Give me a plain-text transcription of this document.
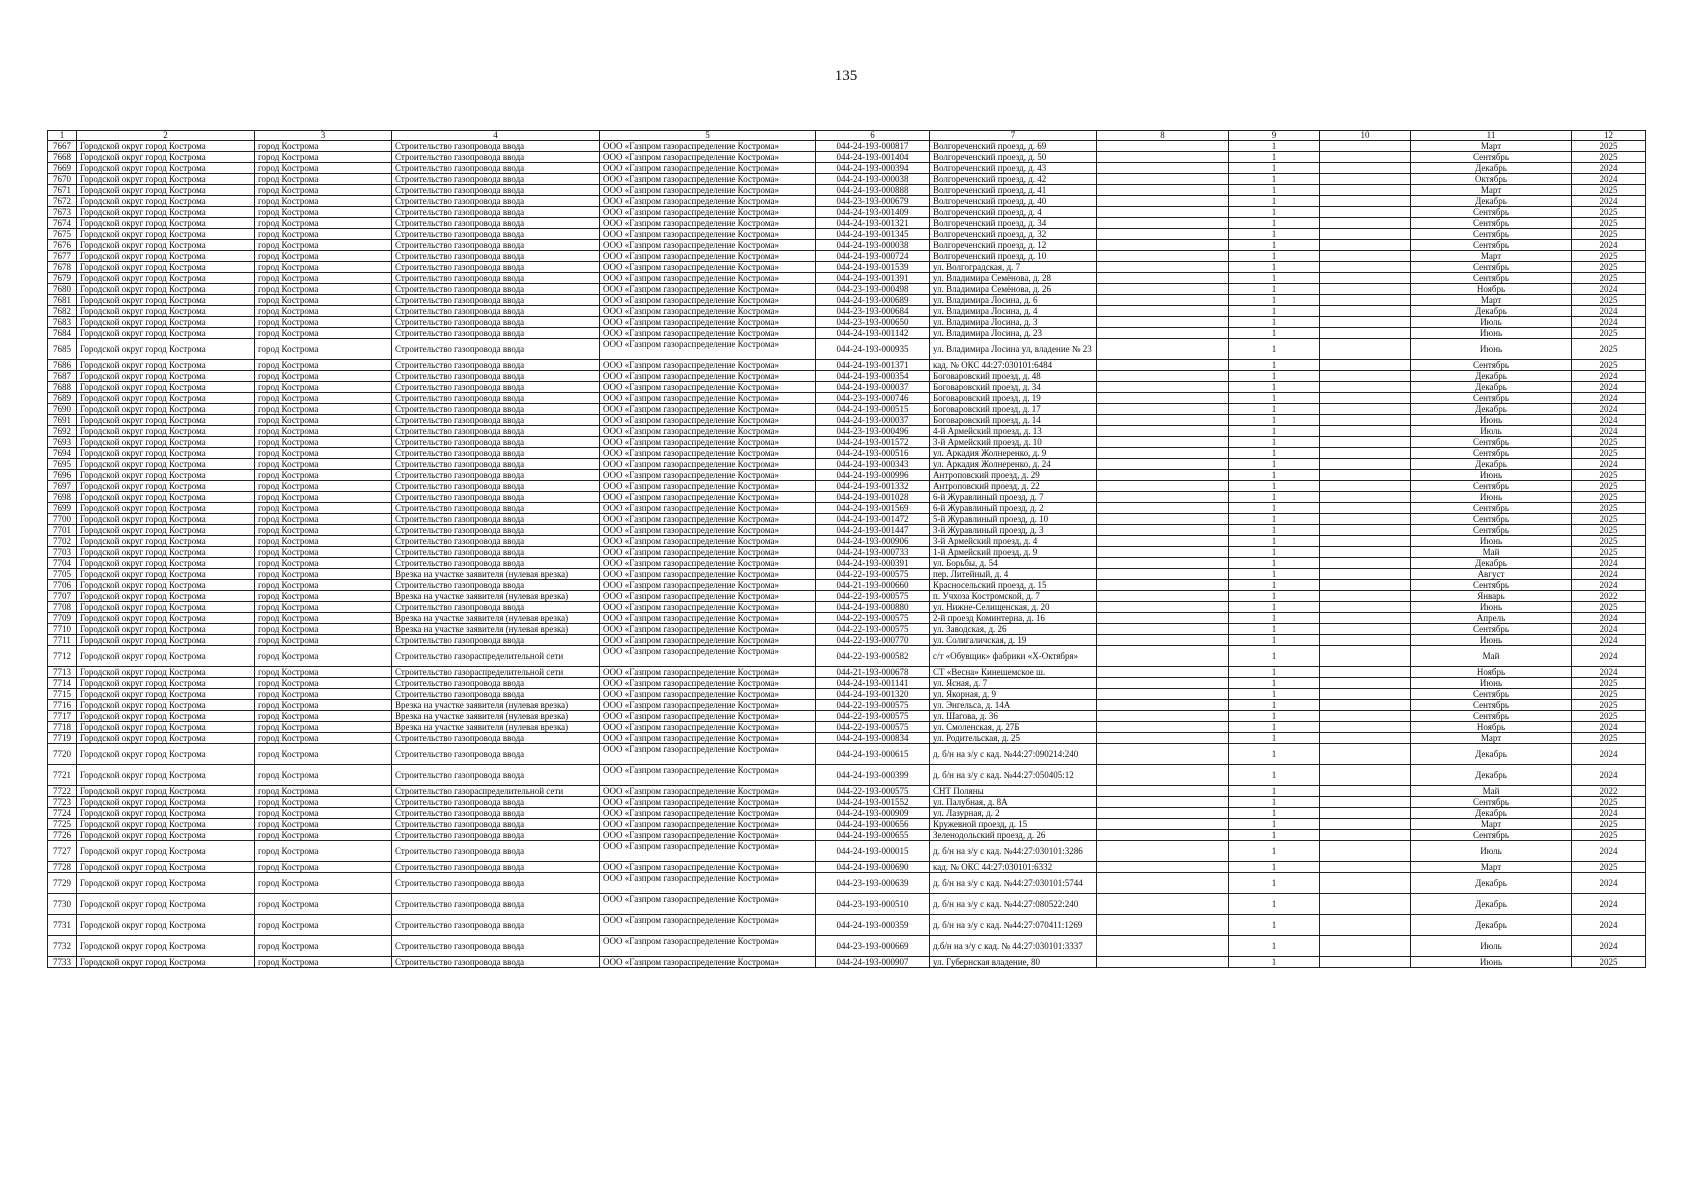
135
1	2	3	4	5	6	7	8	9	10	11	12
7667	Городской округ город Кострома	город Кострома	Строительство газопровода ввода	ООО «Газпром газораспределение Кострома»	044-24-193-000817	Волгореченский проезд, д. 69		1		Март	2025
7668	Городской округ город Кострома	город Кострома	Строительство газопровода ввода	ООО «Газпром газораспределение Кострома»	044-24-193-001404	Волгореченский проезд, д. 50		1		Сентябрь	2025
7669	Городской округ город Кострома	город Кострома	Строительство газопровода ввода	ООО «Газпром газораспределение Кострома»	044-24-193-000394	Волгореченский проезд, д. 43		1		Декабрь	2024
7670	Городской округ город Кострома	город Кострома	Строительство газопровода ввода	ООО «Газпром газораспределение Кострома»	044-24-193-000038	Волгореченский проезд, д. 42		1		Октябрь	2024
7671	Городской округ город Кострома	город Кострома	Строительство газопровода ввода	ООО «Газпром газораспределение Кострома»	044-24-193-000888	Волгореченский проезд, д. 41		1		Март	2025
7672	Городской округ город Кострома	город Кострома	Строительство газопровода ввода	ООО «Газпром газораспределение Кострома»	044-23-193-000679	Волгореченский проезд, д. 40		1		Декабрь	2024
7673	Городской округ город Кострома	город Кострома	Строительство газопровода ввода	ООО «Газпром газораспределение Кострома»	044-24-193-001409	Волгореченский проезд, д. 4		1		Сентябрь	2025
7674	Городской округ город Кострома	город Кострома	Строительство газопровода ввода	ООО «Газпром газораспределение Кострома»	044-24-193-001321	Волгореченский проезд, д. 34		1		Сентябрь	2025
7675	Городской округ город Кострома	город Кострома	Строительство газопровода ввода	ООО «Газпром газораспределение Кострома»	044-24-193-001345	Волгореченский проезд, д. 32		1		Сентябрь	2025
7676	Городской округ город Кострома	город Кострома	Строительство газопровода ввода	ООО «Газпром газораспределение Кострома»	044-24-193-000038	Волгореченский проезд, д. 12		1		Сентябрь	2024
7677	Городской округ город Кострома	город Кострома	Строительство газопровода ввода	ООО «Газпром газораспределение Кострома»	044-24-193-000724	Волгореченский проезд, д. 10		1		Март	2025
7678	Городской округ город Кострома	город Кострома	Строительство газопровода ввода	ООО «Газпром газораспределение Кострома»	044-24-193-001539	ул. Волгоградская, д. 7		1		Сентябрь	2025
7679	Городской округ город Кострома	город Кострома	Строительство газопровода ввода	ООО «Газпром газораспределение Кострома»	044-24-193-001391	ул. Владимира Семёнова, д. 28		1		Сентябрь	2025
7680	Городской округ город Кострома	город Кострома	Строительство газопровода ввода	ООО «Газпром газораспределение Кострома»	044-23-193-000498	ул. Владимира Семёнова, д. 26		1		Ноябрь	2024
7681	Городской округ город Кострома	город Кострома	Строительство газопровода ввода	ООО «Газпром газораспределение Кострома»	044-24-193-000689	ул. Владимира Лосина, д. 6		1		Март	2025
7682	Городской округ город Кострома	город Кострома	Строительство газопровода ввода	ООО «Газпром газораспределение Кострома»	044-23-193-000684	ул. Владимира Лосина, д. 4		1		Декабрь	2024
7683	Городской округ город Кострома	город Кострома	Строительство газопровода ввода	ООО «Газпром газораспределение Кострома»	044-23-193-000650	ул. Владимира Лосина, д. 3		1		Июль	2024
7684	Городской округ город Кострома	город Кострома	Строительство газопровода ввода	ООО «Газпром газораспределение Кострома»	044-24-193-001142	ул. Владимира Лосина, д. 23		1		Июнь	2025
7685	Городской округ город Кострома	город Кострома	Строительство газопровода ввода	ООО «Газпром газораспределение Кострома»	044-24-193-000935	ул. Владимира Лосина ул, владение № 23		1		Июнь	2025
7686	Городской округ город Кострома	город Кострома	Строительство газопровода ввода	ООО «Газпром газораспределение Кострома»	044-24-193-001371	кад. № ОКС 44:27:030101:6484		1		Сентябрь	2025
7687	Городской округ город Кострома	город Кострома	Строительство газопровода ввода	ООО «Газпром газораспределение Кострома»	044-24-193-000354	Боговаровский проезд, д. 48		1		Декабрь	2024
7688	Городской округ город Кострома	город Кострома	Строительство газопровода ввода	ООО «Газпром газораспределение Кострома»	044-24-193-000037	Боговаровский проезд, д. 34		1		Декабрь	2024
7689	Городской округ город Кострома	город Кострома	Строительство газопровода ввода	ООО «Газпром газораспределение Кострома»	044-23-193-000746	Боговаровский проезд, д. 19		1		Сентябрь	2024
7690	Городской округ город Кострома	город Кострома	Строительство газопровода ввода	ООО «Газпром газораспределение Кострома»	044-24-193-000515	Боговаровский проезд, д. 17		1		Декабрь	2024
7691	Городской округ город Кострома	город Кострома	Строительство газопровода ввода	ООО «Газпром газораспределение Кострома»	044-24-193-000037	Боговаровский проезд, д. 14		1		Июнь	2024
7692	Городской округ город Кострома	город Кострома	Строительство газопровода ввода	ООО «Газпром газораспределение Кострома»	044-23-193-000496	4-й Армейский проезд, д. 13		1		Июль	2024
7693	Городской округ город Кострома	город Кострома	Строительство газопровода ввода	ООО «Газпром газораспределение Кострома»	044-24-193-001572	3-й Армейский проезд, д. 10		1		Сентябрь	2025
7694	Городской округ город Кострома	город Кострома	Строительство газопровода ввода	ООО «Газпром газораспределение Кострома»	044-24-193-000516	ул. Аркадия Жолнеренко, д. 9		1		Сентябрь	2025
7695	Городской округ город Кострома	город Кострома	Строительство газопровода ввода	ООО «Газпром газораспределение Кострома»	044-24-193-000343	ул. Аркадия Жолнеренко, д. 24		1		Декабрь	2024
7696	Городской округ город Кострома	город Кострома	Строительство газопровода ввода	ООО «Газпром газораспределение Кострома»	044-24-193-000996	Антроповский проезд, д. 29		1		Июнь	2025
7697	Городской округ город Кострома	город Кострома	Строительство газопровода ввода	ООО «Газпром газораспределение Кострома»	044-24-193-001332	Антроповский проезд, д. 22		1		Сентябрь	2025
7698	Городской округ город Кострома	город Кострома	Строительство газопровода ввода	ООО «Газпром газораспределение Кострома»	044-24-193-001028	6-й Журавлиный проезд, д. 7		1		Июнь	2025
7699	Городской округ город Кострома	город Кострома	Строительство газопровода ввода	ООО «Газпром газораспределение Кострома»	044-24-193-001569	6-й Журавлиный проезд, д. 2		1		Сентябрь	2025
7700	Городской округ город Кострома	город Кострома	Строительство газопровода ввода	ООО «Газпром газораспределение Кострома»	044-24-193-001472	5-й Журавлиный проезд, д. 10		1		Сентябрь	2025
7701	Городской округ город Кострома	город Кострома	Строительство газопровода ввода	ООО «Газпром газораспределение Кострома»	044-24-193-001447	3-й Журавлиный проезд, д. 3		1		Сентябрь	2025
7702	Городской округ город Кострома	город Кострома	Строительство газопровода ввода	ООО «Газпром газораспределение Кострома»	044-24-193-000906	3-й Армейский проезд, д. 4		1		Июнь	2025
7703	Городской округ город Кострома	город Кострома	Строительство газопровода ввода	ООО «Газпром газораспределение Кострома»	044-24-193-000733	1-й Армейский проезд, д. 9		1		Май	2025
7704	Городской округ город Кострома	город Кострома	Строительство газопровода ввода	ООО «Газпром газораспределение Кострома»	044-24-193-000391	ул. Борьбы, д. 54		1		Декабрь	2024
7705	Городской округ город Кострома	город Кострома	Врезка на участке заявителя (нулевая врезка)	ООО «Газпром газораспределение Кострома»	044-22-193-000575	пер. Литейный, д. 4		1		Август	2024
7706	Городской округ город Кострома	город Кострома	Строительство газопровода ввода	ООО «Газпром газораспределение Кострома»	044-21-193-000660	Красносельский проезд, д. 15		1		Сентябрь	2024
7707	Городской округ город Кострома	город Кострома	Врезка на участке заявителя (нулевая врезка)	ООО «Газпром газораспределение Кострома»	044-22-193-000575	п. Учхоза Костромской, д. 7		1		Январь	2022
7708	Городской округ город Кострома	город Кострома	Строительство газопровода ввода	ООО «Газпром газораспределение Кострома»	044-24-193-000880	ул. Нижне-Селищенская, д. 20		1		Июнь	2025
7709	Городской округ город Кострома	город Кострома	Врезка на участке заявителя (нулевая врезка)	ООО «Газпром газораспределение Кострома»	044-22-193-000575	2-й проезд Коминтерна, д. 16		1		Апрель	2024
7710	Городской округ город Кострома	город Кострома	Врезка на участке заявителя (нулевая врезка)	ООО «Газпром газораспределение Кострома»	044-22-193-000575	ул. Заводская, д. 26		1		Сентябрь	2024
7711	Городской округ город Кострома	город Кострома	Строительство газопровода ввода	ООО «Газпром газораспределение Кострома»	044-22-193-000770	ул. Солигаличская, д. 19		1		Июнь	2024
7712	Городской округ город Кострома	город Кострома	Строительство газораспределительной сети	ООО «Газпром газораспределение Кострома»	044-22-193-000582	с/т «Обувщик» фабрики «Х-Октября»		1		Май	2024
7713	Городской округ город Кострома	город Кострома	Строительство газораспределительной сети	ООО «Газпром газораспределение Кострома»	044-21-193-000678	СТ «Весна» Кинешемское ш.		1		Ноябрь	2024
7714	Городской округ город Кострома	город Кострома	Строительство газопровода ввода	ООО «Газпром газораспределение Кострома»	044-24-193-001141	ул. Ясная, д. 7		1		Июнь	2025
7715	Городской округ город Кострома	город Кострома	Строительство газопровода ввода	ООО «Газпром газораспределение Кострома»	044-24-193-001320	ул. Якорная, д. 9		1		Сентябрь	2025
7716	Городской округ город Кострома	город Кострома	Врезка на участке заявителя (нулевая врезка)	ООО «Газпром газораспределение Кострома»	044-22-193-000575	ул. Энгельса, д. 14А		1		Сентябрь	2025
7717	Городской округ город Кострома	город Кострома	Врезка на участке заявителя (нулевая врезка)	ООО «Газпром газораспределение Кострома»	044-22-193-000575	ул. Шагова, д. 36		1		Сентябрь	2025
7718	Городской округ город Кострома	город Кострома	Врезка на участке заявителя (нулевая врезка)	ООО «Газпром газораспределение Кострома»	044-22-193-000575	ул. Смоленская, д. 27Б		1		Ноябрь	2024
7719	Городской округ город Кострома	город Кострома	Строительство газопровода ввода	ООО «Газпром газораспределение Кострома»	044-24-193-000834	ул. Родительская, д. 25		1		Март	2025
7720	Городской округ город Кострома	город Кострома	Строительство газопровода ввода	ООО «Газпром газораспределение Кострома»	044-24-193-000615	д. б/н на з/у с кад. №44:27:090214:240		1		Декабрь	2024
7721	Городской округ город Кострома	город Кострома	Строительство газопровода ввода	ООО «Газпром газораспределение Кострома»	044-24-193-000399	д. б/н на з/у с кад. №44:27:050405:12		1		Декабрь	2024
7722	Городской округ город Кострома	город Кострома	Строительство газораспределительной сети	ООО «Газпром газораспределение Кострома»	044-22-193-000575	СНТ Поляны		1		Май	2022
7723	Городской округ город Кострома	город Кострома	Строительство газопровода ввода	ООО «Газпром газораспределение Кострома»	044-24-193-001552	ул. Палубная, д. 8А		1		Сентябрь	2025
7724	Городской округ город Кострома	город Кострома	Строительство газопровода ввода	ООО «Газпром газораспределение Кострома»	044-24-193-000909	ул. Лазурная, д. 2		1		Декабрь	2024
7725	Городской округ город Кострома	город Кострома	Строительство газопровода ввода	ООО «Газпром газораспределение Кострома»	044-24-193-000656	Кружевной проезд, д. 15		1		Март	2025
7726	Городской округ город Кострома	город Кострома	Строительство газопровода ввода	ООО «Газпром газораспределение Кострома»	044-24-193-000655	Зеленодольский проезд, д. 26		1		Сентябрь	2025
7727	Городской округ город Кострома	город Кострома	Строительство газопровода ввода	ООО «Газпром газораспределение Кострома»	044-24-193-000015	д. б/н на з/у с кад. №44:27:030101:3286		1		Июль	2024
7728	Городской округ город Кострома	город Кострома	Строительство газопровода ввода	ООО «Газпром газораспределение Кострома»	044-24-193-000690	кад. № ОКС 44:27:030101:6332		1		Март	2025
7729	Городской округ город Кострома	город Кострома	Строительство газопровода ввода	ООО «Газпром газораспределение Кострома»	044-23-193-000639	д. б/н на з/у с кад. №44:27:030101:5744		1		Декабрь	2024
7730	Городской округ город Кострома	город Кострома	Строительство газопровода ввода	ООО «Газпром газораспределение Кострома»	044-23-193-000510	д. б/н на з/у с кад. №44:27:080522:240		1		Декабрь	2024
7731	Городской округ город Кострома	город Кострома	Строительство газопровода ввода	ООО «Газпром газораспределение Кострома»	044-24-193-000359	д. б/н на з/у с кад. №44:27:070411:1269		1		Декабрь	2024
7732	Городской округ город Кострома	город Кострома	Строительство газопровода ввода	ООО «Газпром газораспределение Кострома»	044-23-193-000669	д.б/н на з/у с кад. № 44:27:030101:3337		1		Июль	2024
7733	Городской округ город Кострома	город Кострома	Строительство газопровода ввода	ООО «Газпром газораспределение Кострома»	044-24-193-000907	ул. Губернская владение, 80		1		Июнь	2025
